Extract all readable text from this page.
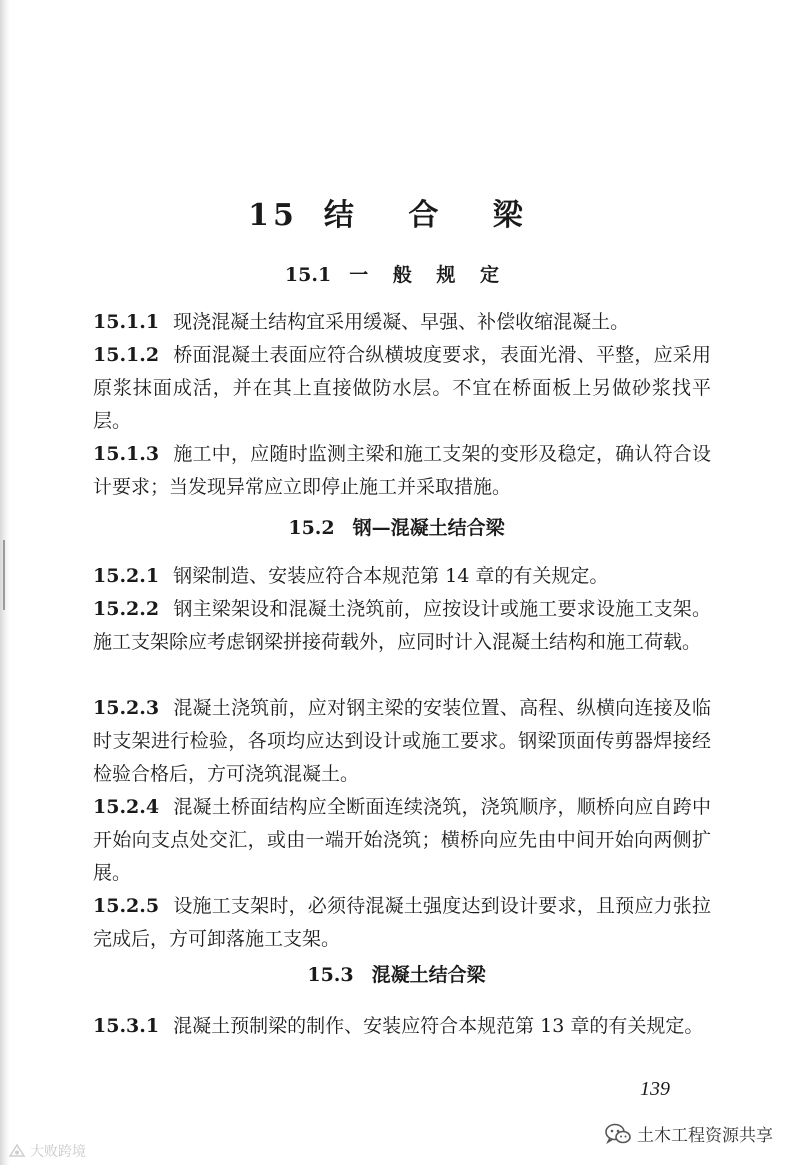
15 结 合 梁
15.1 一 般 规 定
15.1.1 现浇混凝土结构宜采用缓凝、早强、补偿收缩混凝土。
15.1.2 桥面混凝土表面应符合纵横坡度要求，表面光滑、平整，应采用原浆抹面成活，并在其上直接做防水层。不宜在桥面板上另做砂浆找平层。
15.1.3 施工中，应随时监测主梁和施工支架的变形及稳定，确认符合设计要求；当发现异常应立即停止施工并采取措施。
15.2 钢—混凝土结合梁
15.2.1 钢梁制造、安装应符合本规范第 14 章的有关规定。
15.2.2 钢主梁架设和混凝土浇筑前，应按设计或施工要求设施工支架。施工支架除应考虑钢梁拼接荷载外，应同时计入混凝土结构和施工荷载。
15.2.3 混凝土浇筑前，应对钢主梁的安装位置、高程、纵横向连接及临时支架进行检验，各项均应达到设计或施工要求。钢梁顶面传剪器焊接经检验合格后，方可浇筑混凝土。
15.2.4 混凝土桥面结构应全断面连续浇筑，浇筑顺序，顺桥向应自跨中开始向支点处交汇，或由一端开始浇筑；横桥向应先由中间开始向两侧扩展。
15.2.5 设施工支架时，必须待混凝土强度达到设计要求，且预应力张拉完成后，方可卸落施工支架。
15.3 混凝土结合梁
15.3.1 混凝土预制梁的制作、安装应符合本规范第 13 章的有关规定。
139
土木工程资源共享
大败跨境
